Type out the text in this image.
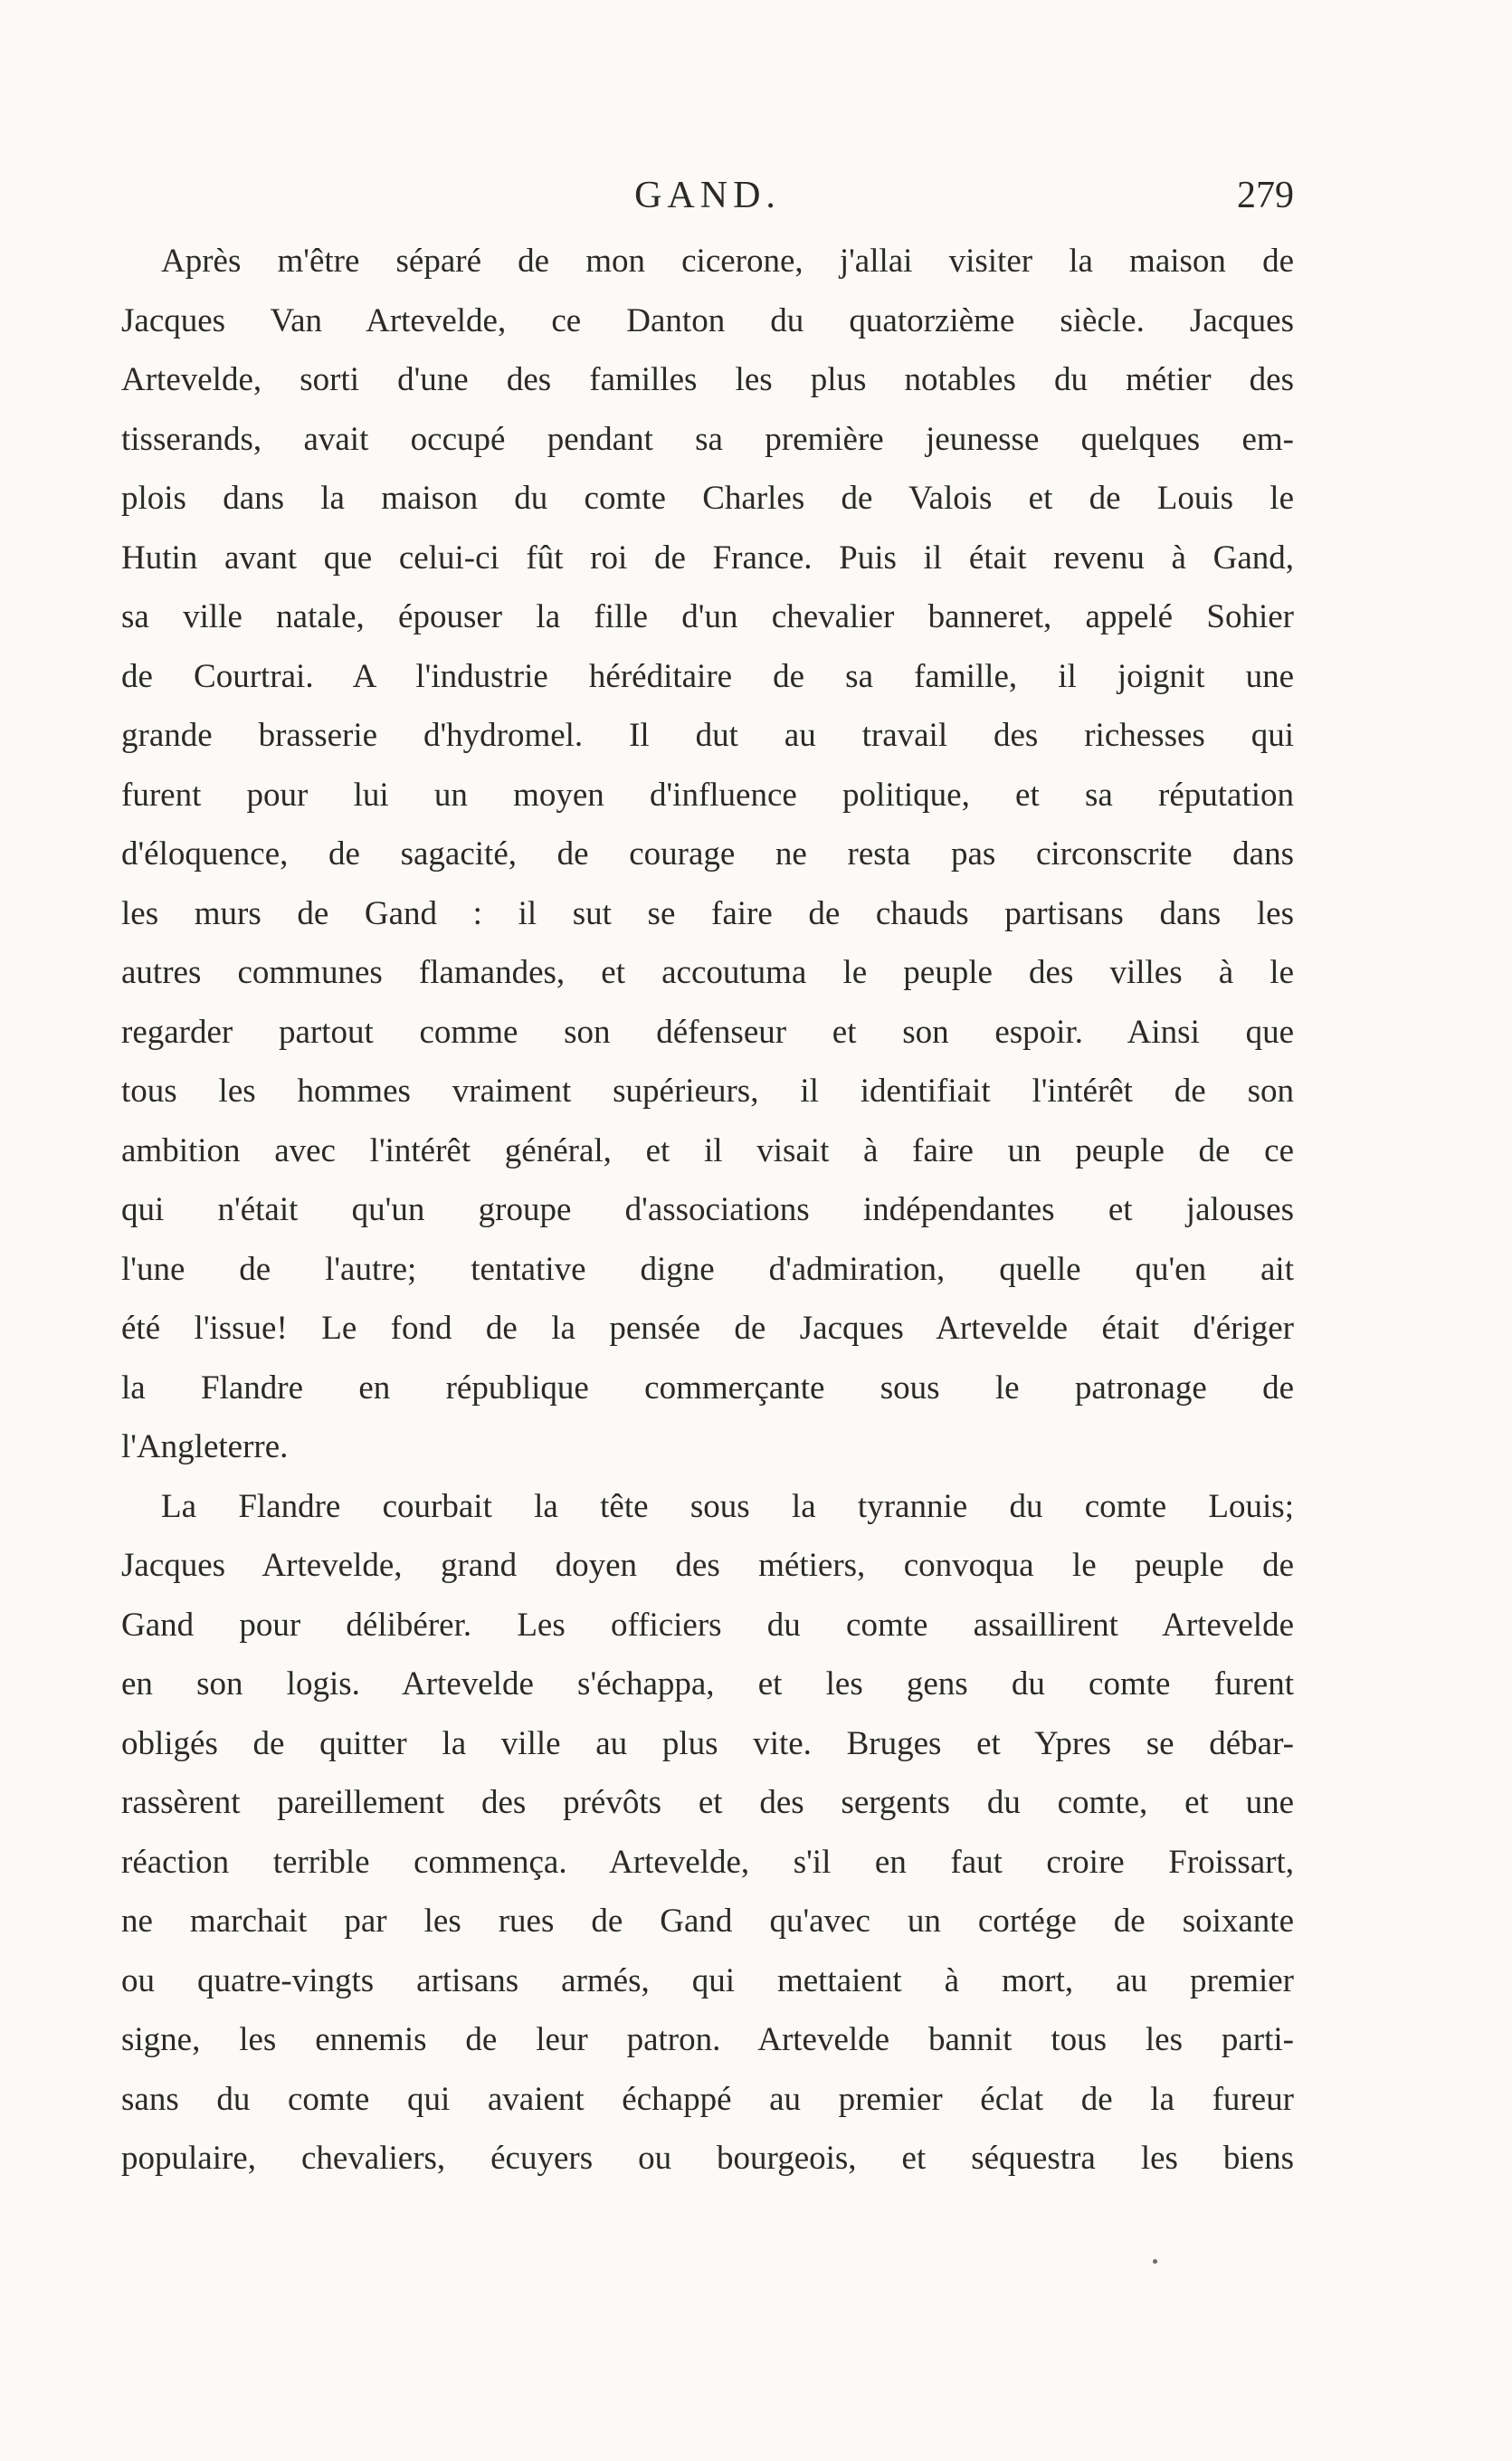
GAND.	279
Après m'être séparé de mon cicerone, j'allai visiter la maison de
Jacques Van Artevelde, ce Danton du quatorzième siècle. Jacques
Artevelde, sorti d'une des familles les plus notables du métier des
tisserands, avait occupé pendant sa première jeunesse quelques em-
plois dans la maison du comte Charles de Valois et de Louis le
Hutin avant que celui-ci fût roi de France. Puis il était revenu à Gand,
sa ville natale, épouser la fille d'un chevalier banneret, appelé Sohier
de Courtrai. A l'industrie héréditaire de sa famille, il joignit une
grande brasserie d'hydromel. Il dut au travail des richesses qui
furent pour lui un moyen d'influence politique, et sa réputation
d'éloquence, de sagacité, de courage ne resta pas circonscrite dans
les murs de Gand : il sut se faire de chauds partisans dans les
autres communes flamandes, et accoutuma le peuple des villes à le
regarder partout comme son défenseur et son espoir. Ainsi que
tous les hommes vraiment supérieurs, il identifiait l'intérêt de son
ambition avec l'intérêt général, et il visait à faire un peuple de ce
qui n'était qu'un groupe d'associations indépendantes et jalouses
l'une de l'autre; tentative digne d'admiration, quelle qu'en ait
été l'issue! Le fond de la pensée de Jacques Artevelde était d'ériger
la Flandre en république commerçante sous le patronage de
l'Angleterre.
La Flandre courbait la tête sous la tyrannie du comte Louis;
Jacques Artevelde, grand doyen des métiers, convoqua le peuple de
Gand pour délibérer. Les officiers du comte assaillirent Artevelde
en son logis. Artevelde s'échappa, et les gens du comte furent
obligés de quitter la ville au plus vite. Bruges et Ypres se débar-
rassèrent pareillement des prévôts et des sergents du comte, et une
réaction terrible commença. Artevelde, s'il en faut croire Froissart,
ne marchait par les rues de Gand qu'avec un cortége de soixante
ou quatre-vingts artisans armés, qui mettaient à mort, au premier
signe, les ennemis de leur patron. Artevelde bannit tous les parti-
sans du comte qui avaient échappé au premier éclat de la fureur
populaire, chevaliers, écuyers ou bourgeois, et séquestra les biens
